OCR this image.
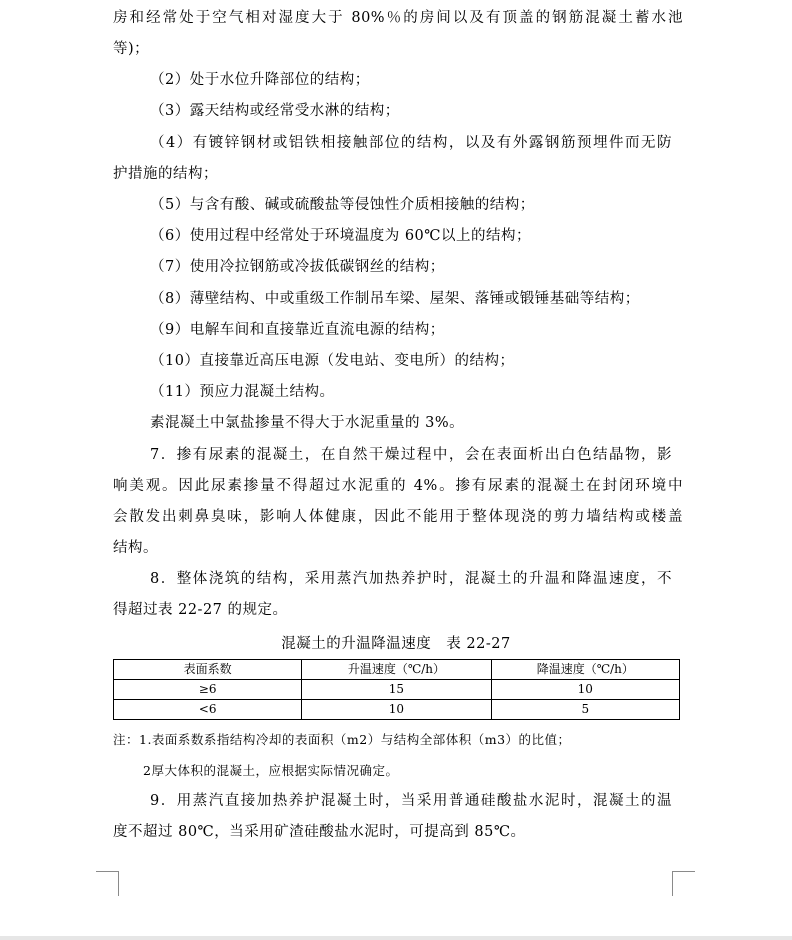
房和经常处于空气相对湿度大于 80%％的房间以及有顶盖的钢筋混凝土蓄水池
等)；
（2）处于水位升降部位的结构；
（3）露天结构或经常受水淋的结构；
（4）有镀锌钢材或铝铁相接触部位的结构，以及有外露钢筋预埋件而无防
护措施的结构；
（5）与含有酸、碱或硫酸盐等侵蚀性介质相接触的结构；
（6）使用过程中经常处于环境温度为 60℃以上的结构；
（7）使用冷拉钢筋或冷拔低碳钢丝的结构；
（8）薄壁结构、中或重级工作制吊车梁、屋架、落锤或锻锤基础等结构；
（9）电解车间和直接靠近直流电源的结构；
（10）直接靠近高压电源（发电站、变电所）的结构；
（11）预应力混凝土结构。
素混凝土中氯盐掺量不得大于水泥重量的 3%。
7．掺有尿素的混凝土，在自然干燥过程中，会在表面析出白色结晶物，影
响美观。因此尿素掺量不得超过水泥重的 4%。掺有尿素的混凝土在封闭环境中
会散发出刺鼻臭味，影响人体健康，因此不能用于整体现浇的剪力墙结构或楼盖
结构。
8．整体浇筑的结构，采用蒸汽加热养护时，混凝土的升温和降温速度，不
得超过表 22-27 的规定。
混凝土的升温降温速度　表 22-27
表面系数	升温速度（℃/h）	降温速度（℃/h）
≥6	15	10
<6	10	5
注：1.表面系数系指结构冷却的表面积（m2）与结构全部体积（m3）的比值；
2厚大体积的混凝土，应根据实际情况确定。
9．用蒸汽直接加热养护混凝土时，当采用普通硅酸盐水泥时，混凝土的温
度不超过 80℃，当采用矿渣硅酸盐水泥时，可提高到 85℃。
